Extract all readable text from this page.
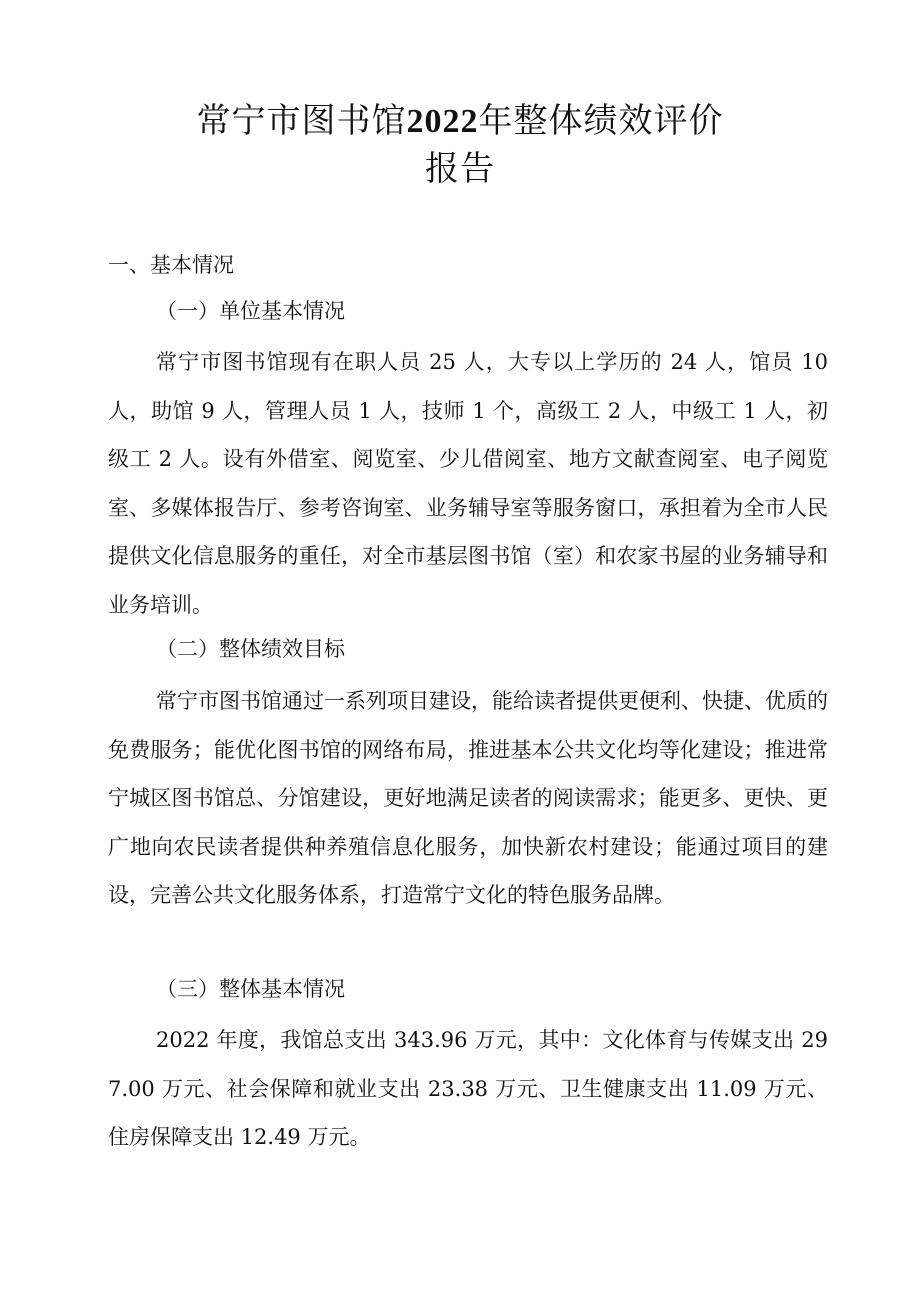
常宁市图书馆2022年整体绩效评价
报告
一、基本情况
（一）单位基本情况

常宁市图书馆现有在职人员 25 人，大专以上学历的 24 人，馆员 10 人，助馆 9 人，管理人员 1 人，技师 1 个，高级工 2 人，中级工 1 人，初级工 2 人。设有外借室、阅览室、少儿借阅室、地方文献查阅室、电子阅览室、多媒体报告厅、参考咨询室、业务辅导室等服务窗口，承担着为全市人民提供文化信息服务的重任，对全市基层图书馆（室）和农家书屋的业务辅导和业务培训。

（二）整体绩效目标

常宁市图书馆通过一系列项目建设，能给读者提供更便利、快捷、优质的免费服务；能优化图书馆的网络布局，推进基本公共文化均等化建设；推进常宁城区图书馆总、分馆建设，更好地满足读者的阅读需求；能更多、更快、更广地向农民读者提供种养殖信息化服务，加快新农村建设；能通过项目的建设，完善公共文化服务体系，打造常宁文化的特色服务品牌。

（三）整体基本情况

2022 年度，我馆总支出 343.96 万元，其中：文化体育与传媒支出 297.00 万元、社会保障和就业支出 23.38 万元、卫生健康支出 11.09 万元、住房保障支出 12.49 万元。
